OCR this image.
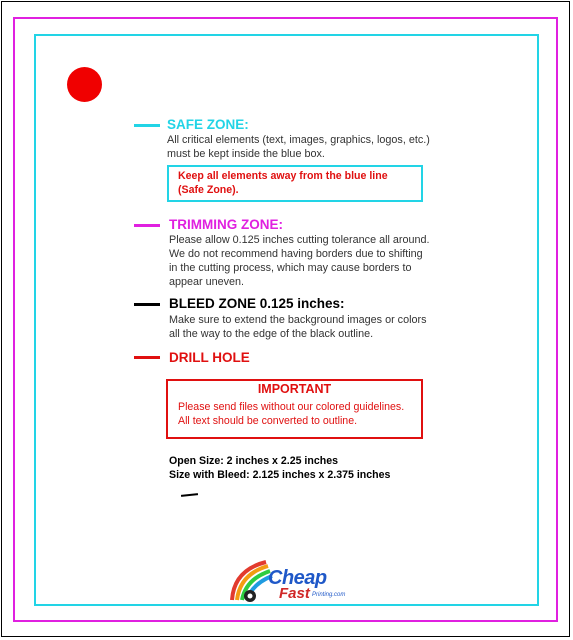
SAFE ZONE:
All critical elements (text, images, graphics, logos, etc.)
must be kept inside the blue box.
Keep all elements away from the blue line
(Safe Zone).
TRIMMING ZONE:
Please allow 0.125 inches cutting tolerance all around.
We do not recommend having borders due to shifting
in the cutting process, which may cause borders to
appear uneven.
BLEED ZONE 0.125 inches:
Make sure to extend the background images or colors
all the way to the edge of the black outline.
DRILL HOLE
IMPORTANT
Please send files without our colored guidelines.
All text should be converted to outline.
Open Size: 2 inches x 2.25 inches
Size with Bleed: 2.125 inches x 2.375 inches
Cheap
Fast Printing.com
